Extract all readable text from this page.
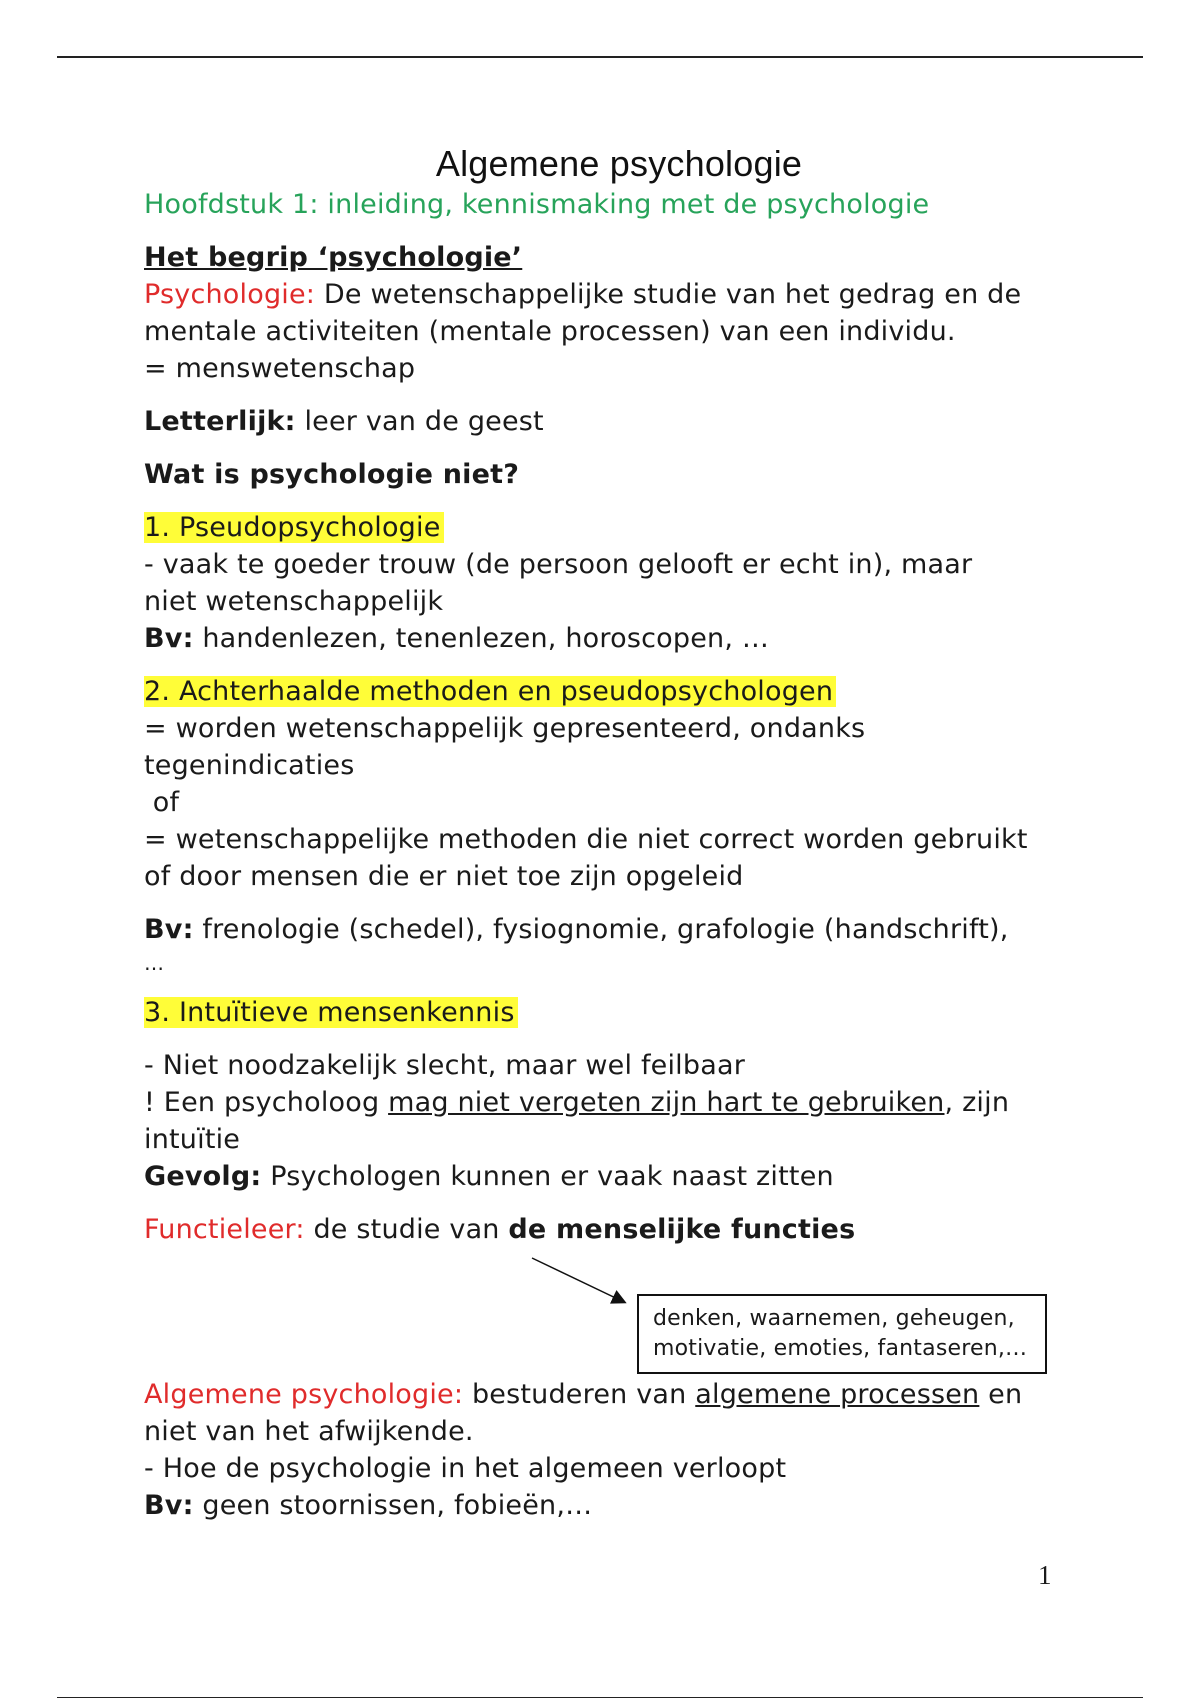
Algemene psychologie
Hoofdstuk 1: inleiding, kennismaking met de psychologie

Het begrip ‘psychologie’

Psychologie: De wetenschappelijke studie van het gedrag en de

mentale activiteiten (mentale processen) van een individu.

= menswetenschap

Letterlijk: leer van de geest

Wat is psychologie niet?

1. Pseudopsychologie

- vaak te goeder trouw (de persoon gelooft er echt in), maar

niet wetenschappelijk

Bv: handenlezen, tenenlezen, horoscopen, …

2. Achterhaalde methoden en pseudopsychologen

= worden wetenschappelijk gepresenteerd, ondanks

tegenindicaties

of

= wetenschappelijke methoden die niet correct worden gebruikt

of door mensen die er niet toe zijn opgeleid

Bv: frenologie (schedel), fysiognomie, grafologie (handschrift),

…

3. Intuïtieve mensenkennis

- Niet noodzakelijk slecht, maar wel feilbaar

! Een psycholoog mag niet vergeten zijn hart te gebruiken, zijn

intuïtie

Gevolg: Psychologen kunnen er vaak naast zitten

Functieleer: de studie van de menselijke functies

denken, waarnemen, geheugen,
motivatie, emoties, fantaseren,…

Algemene psychologie: bestuderen van algemene processen en

niet van het afwijkende.

- Hoe de psychologie in het algemeen verloopt

Bv: geen stoornissen, fobieën,…

1
